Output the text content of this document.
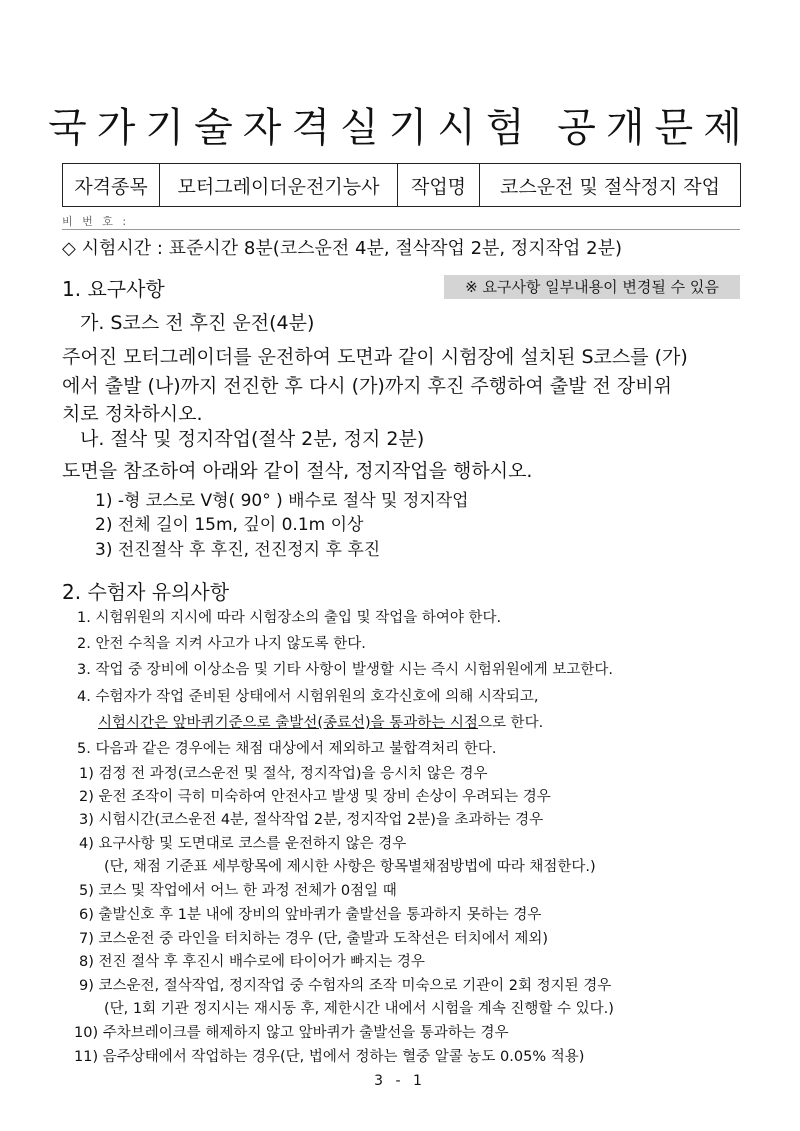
국가기술자격실기시험 공개문제
자격종목	모터그레이더운전기능사	작업명	코스운전 및 절삭정지 작업
비 번 호 :
◇ 시험시간 : 표준시간 8분(코스운전 4분, 절삭작업 2분, 정지작업 2분)
1. 요구사항	※ 요구사항 일부내용이 변경될 수 있음
가. S코스 전 후진 운전(4분)
주어진 모터그레이더를 운전하여 도면과 같이 시험장에 설치된 S코스를 (가)
에서 출발 (나)까지 전진한 후 다시 (가)까지 후진 주행하여 출발 전 장비위
치로 정차하시오.
나. 절삭 및 정지작업(절삭 2분, 정지 2분)
도면을 참조하여 아래와 같이 절삭, 정지작업을 행하시오.
1) -형 코스로 V형( 90° ) 배수로 절삭 및 정지작업
2) 전체 길이 15m, 깊이 0.1m 이상
3) 전진절삭 후 후진, 전진정지 후 후진
2. 수험자 유의사항
1. 시험위원의 지시에 따라 시험장소의 출입 및 작업을 하여야 한다.
2. 안전 수칙을 지켜 사고가 나지 않도록 한다.
3. 작업 중 장비에 이상소음 및 기타 사항이 발생할 시는 즉시 시험위원에게 보고한다.
4. 수험자가 작업 준비된 상태에서 시험위원의 호각신호에 의해 시작되고,
시험시간은 앞바퀴기준으로 출발선(종료선)을 통과하는 시점으로 한다.
5. 다음과 같은 경우에는 채점 대상에서 제외하고 불합격처리 한다.
1) 검정 전 과정(코스운전 및 절삭, 정지작업)을 응시치 않은 경우
2) 운전 조작이 극히 미숙하여 안전사고 발생 및 장비 손상이 우려되는 경우
3) 시험시간(코스운전 4분, 절삭작업 2분, 정지작업 2분)을 초과하는 경우
4) 요구사항 및 도면대로 코스를 운전하지 않은 경우
(단, 채점 기준표 세부항목에 제시한 사항은 항목별채점방법에 따라 채점한다.)
5) 코스 및 작업에서 어느 한 과정 전체가 0점일 때
6) 출발신호 후 1분 내에 장비의 앞바퀴가 출발선을 통과하지 못하는 경우
7) 코스운전 중 라인을 터치하는 경우 (단, 출발과 도착선은 터치에서 제외)
8) 전진 절삭 후 후진시 배수로에 타이어가 빠지는 경우
9) 코스운전, 절삭작업, 정지작업 중 수험자의 조작 미숙으로 기관이 2회 정지된 경우
(단, 1회 기관 정지시는 재시동 후, 제한시간 내에서 시험을 계속 진행할 수 있다.)
10) 주차브레이크를 해제하지 않고 앞바퀴가 출발선을 통과하는 경우
11) 음주상태에서 작업하는 경우(단, 법에서 정하는 혈중 알콜 농도 0.05% 적용)
3 - 1
